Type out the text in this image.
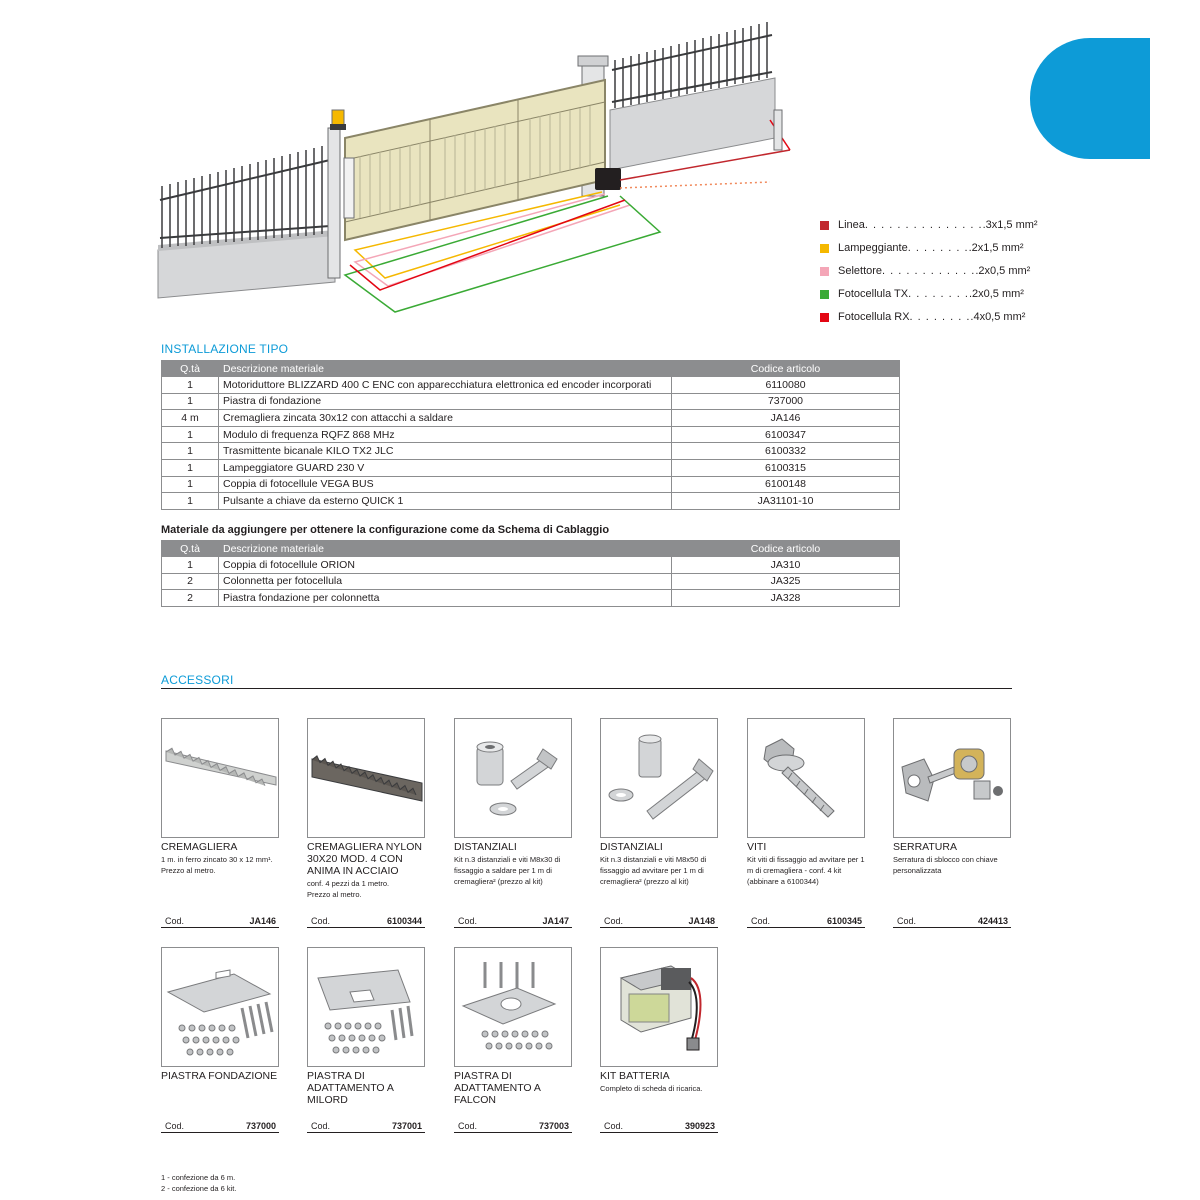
Linea . . . . . . . . . . . . . . . .3x1,5 mm²
Lampeggiante . . . . . . . . .2x1,5 mm²
Selettore . . . . . . . . . . . . .2x0,5 mm²
Fotocellula TX . . . . . . . . .2x0,5 mm²
Fotocellula RX . . . . . . . . .4x0,5 mm²
INSTALLAZIONE TIPO
Q.tà	Descrizione materiale	Codice articolo
1	Motoriduttore BLIZZARD 400 C ENC con apparecchiatura elettronica ed encoder incorporati	6110080
1	Piastra di fondazione	737000
4 m	Cremagliera zincata 30x12 con attacchi a saldare	JA146
1	Modulo di frequenza RQFZ 868 MHz	6100347
1	Trasmittente bicanale KILO TX2 JLC	6100332
1	Lampeggiatore GUARD 230 V	6100315
1	Coppia di fotocellule VEGA BUS	6100148
1	Pulsante a chiave da esterno QUICK 1	JA31101-10
Materiale da aggiungere per ottenere la configurazione come da Schema di Cablaggio
Q.tà	Descrizione materiale	Codice articolo
1	Coppia di fotocellule ORION	JA310
2	Colonnetta per fotocellula	JA325
2	Piastra fondazione per colonnetta	JA328
ACCESSORI
CREMAGLIERA
1 m. in ferro zincato 30 x 12 mm¹.
Prezzo al metro.
Cod.	JA146
CREMAGLIERA NYLON 30X20 MOD. 4 CON ANIMA IN ACCIAIO
conf. 4 pezzi da 1 metro.
Prezzo al metro.
Cod.	6100344
DISTANZIALI
Kit n.3 distanziali e viti M8x30 di fissaggio a saldare per 1 m di cremagliera² (prezzo al kit)
Cod.	JA147
DISTANZIALI
Kit n.3 distanziali e viti M8x50 di fissaggio ad avvitare per 1 m di cremagliera² (prezzo al kit)
Cod.	JA148
VITI
Kit viti di fissaggio ad avvitare per 1 m di cremagliera - conf. 4 kit (abbinare a 6100344)
Cod.	6100345
SERRATURA
Serratura di sblocco con chiave personalizzata
Cod.	424413
PIASTRA FONDAZIONE
Cod.	737000
PIASTRA DI ADATTAMENTO A MILORD
Cod.	737001
PIASTRA DI ADATTAMENTO A FALCON
Cod.	737003
KIT BATTERIA
Completo di scheda di ricarica.
Cod.	390923
1 - confezione da 6 m.
2 - confezione da 6 kit.
